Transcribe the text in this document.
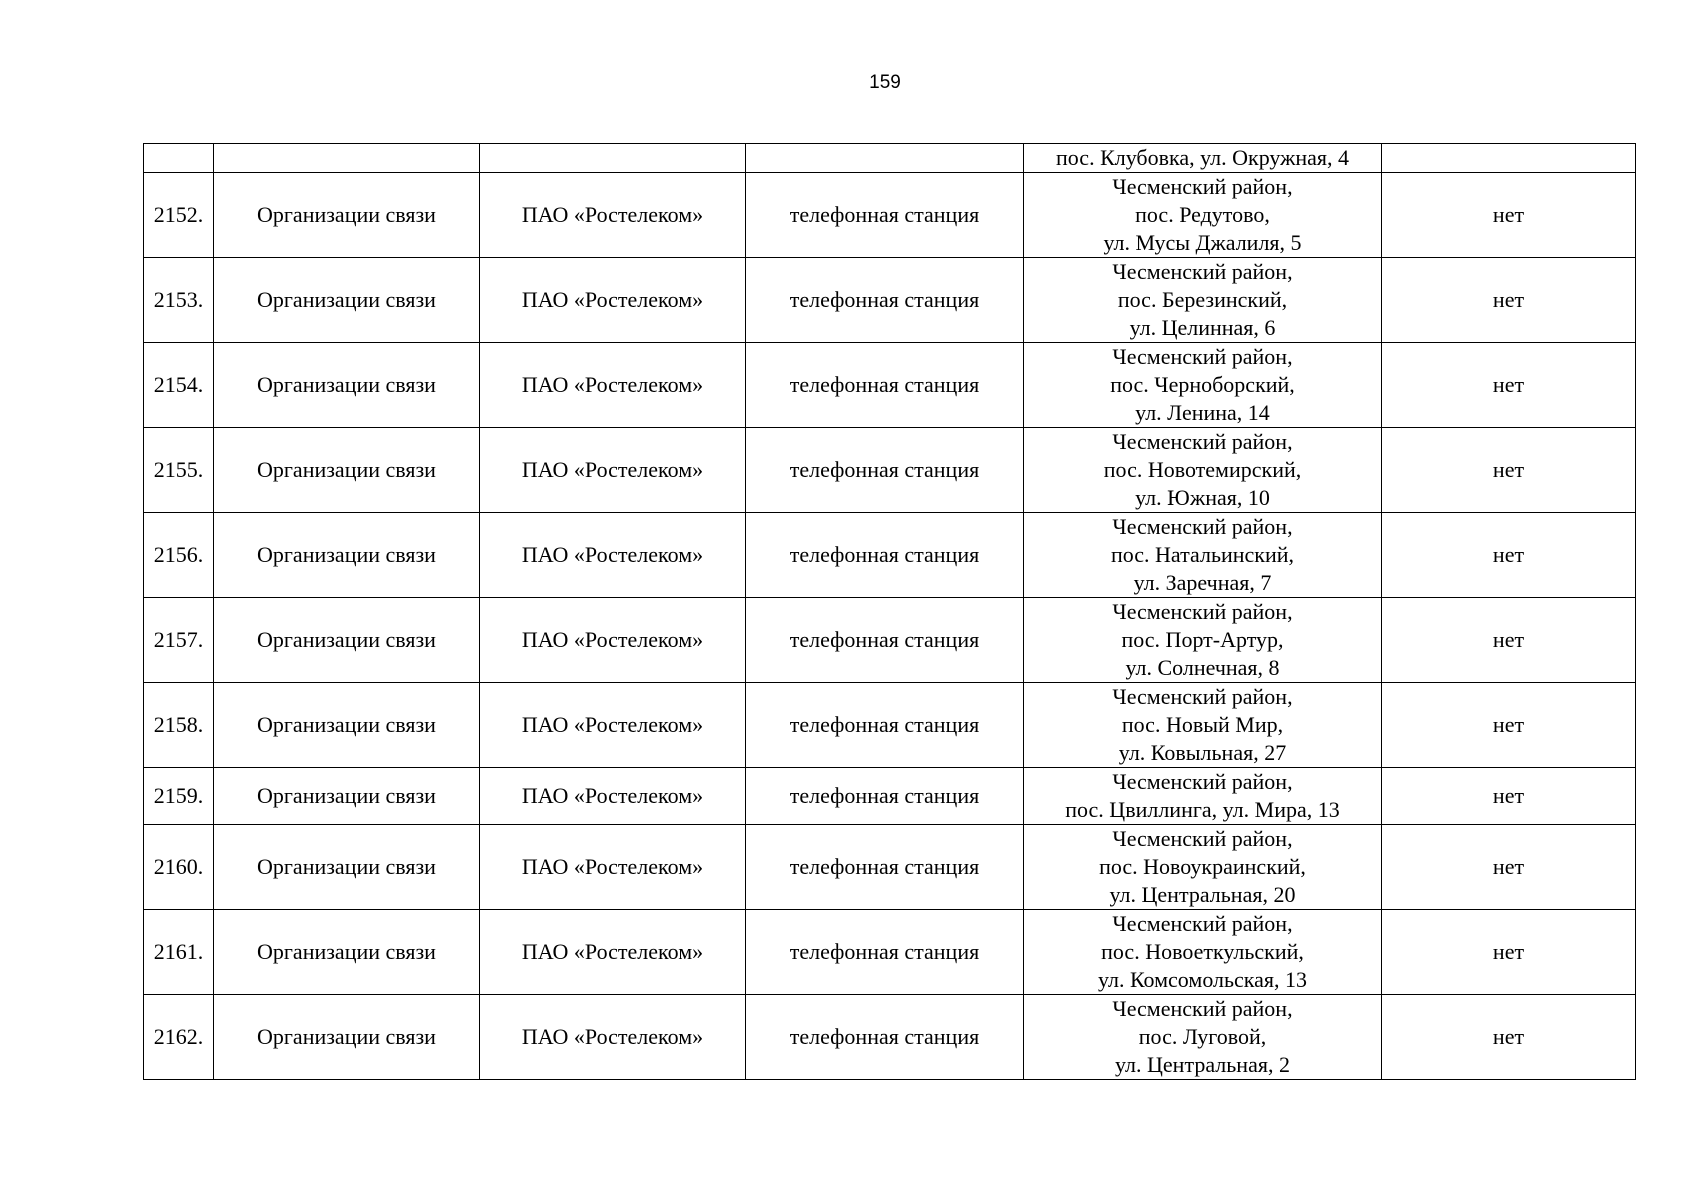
159
				пос. Клубовка, ул. Окружная, 4	
2152.	Организации связи	ПАО «Ростелеком»	телефонная станция	Чесменский район,
пос. Редутово,
ул. Мусы Джалиля, 5	нет
2153.	Организации связи	ПАО «Ростелеком»	телефонная станция	Чесменский район,
пос. Березинский,
ул. Целинная, 6	нет
2154.	Организации связи	ПАО «Ростелеком»	телефонная станция	Чесменский район,
пос. Черноборский,
ул. Ленина, 14	нет
2155.	Организации связи	ПАО «Ростелеком»	телефонная станция	Чесменский район,
пос. Новотемирский,
ул. Южная, 10	нет
2156.	Организации связи	ПАО «Ростелеком»	телефонная станция	Чесменский район,
пос. Натальинский,
ул. Заречная, 7	нет
2157.	Организации связи	ПАО «Ростелеком»	телефонная станция	Чесменский район,
пос. Порт-Артур,
ул. Солнечная, 8	нет
2158.	Организации связи	ПАО «Ростелеком»	телефонная станция	Чесменский район,
пос. Новый Мир,
ул. Ковыльная, 27	нет
2159.	Организации связи	ПАО «Ростелеком»	телефонная станция	Чесменский район,
пос. Цвиллинга, ул. Мира, 13	нет
2160.	Организации связи	ПАО «Ростелеком»	телефонная станция	Чесменский район,
пос. Новоукраинский,
ул. Центральная, 20	нет
2161.	Организации связи	ПАО «Ростелеком»	телефонная станция	Чесменский район,
пос. Новоеткульский,
ул. Комсомольская, 13	нет
2162.	Организации связи	ПАО «Ростелеком»	телефонная станция	Чесменский район,
пос. Луговой,
ул. Центральная, 2	нет
